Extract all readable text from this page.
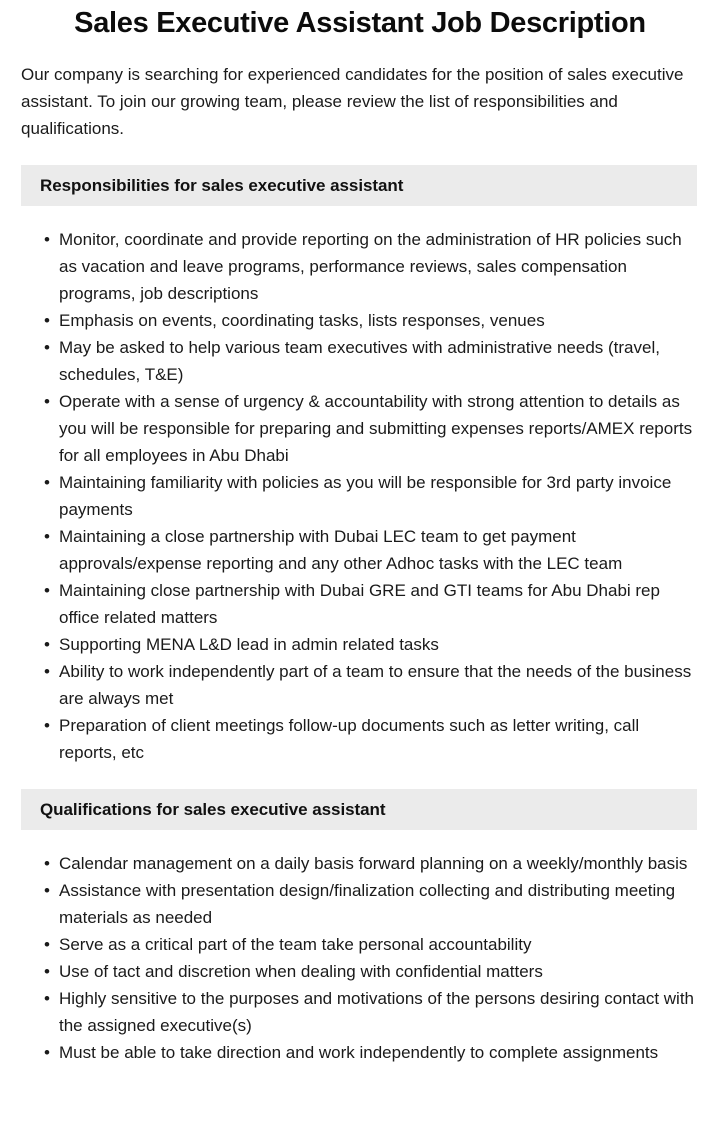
Sales Executive Assistant Job Description

Our company is searching for experienced candidates for the position of sales executive assistant. To join our growing team, please review the list of responsibilities and qualifications.

Responsibilities for sales executive assistant
• Monitor, coordinate and provide reporting on the administration of HR policies such as vacation and leave programs, performance reviews, sales compensation programs, job descriptions
• Emphasis on events, coordinating tasks, lists responses, venues
• May be asked to help various team executives with administrative needs (travel, schedules, T&E)
• Operate with a sense of urgency & accountability with strong attention to details as you will be responsible for preparing and submitting expenses reports/AMEX reports for all employees in Abu Dhabi
• Maintaining familiarity with policies as you will be responsible for 3rd party invoice payments
• Maintaining a close partnership with Dubai LEC team to get payment approvals/expense reporting and any other Adhoc tasks with the LEC team
• Maintaining close partnership with Dubai GRE and GTI teams for Abu Dhabi rep office related matters
• Supporting MENA L&D lead in admin related tasks
• Ability to work independently part of a team to ensure that the needs of the business are always met
• Preparation of client meetings follow-up documents such as letter writing, call reports, etc
Qualifications for sales executive assistant
• Calendar management on a daily basis forward planning on a weekly/monthly basis
• Assistance with presentation design/finalization collecting and distributing meeting materials as needed
• Serve as a critical part of the team take personal accountability
• Use of tact and discretion when dealing with confidential matters
• Highly sensitive to the purposes and motivations of the persons desiring contact with the assigned executive(s)
• Must be able to take direction and work independently to complete assignments
